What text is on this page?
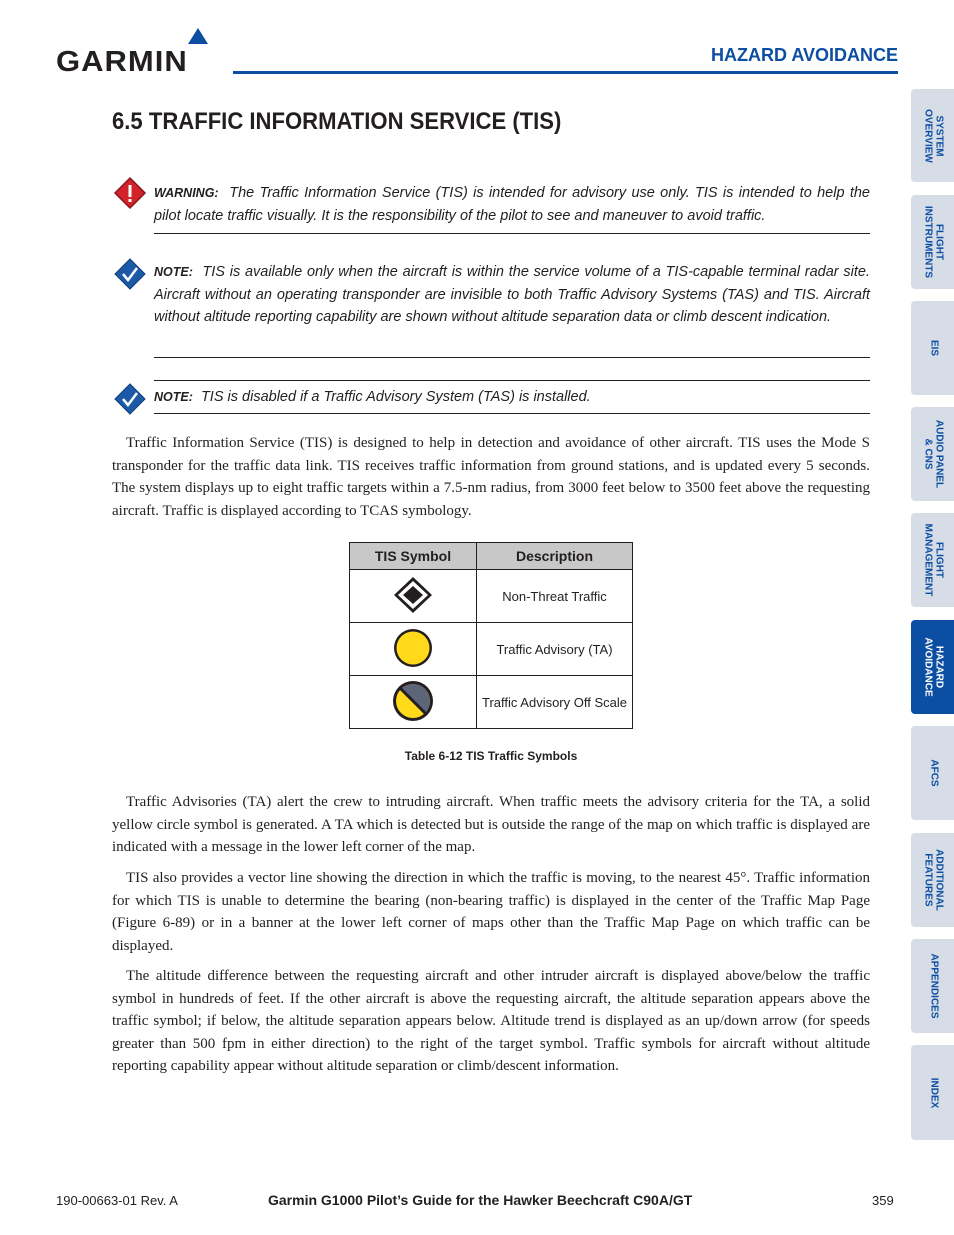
GARMIN	HAZARD AVOIDANCE
6.5 TRAFFIC INFORMATION SERVICE (TIS)
WARNING: The Traffic Information Service (TIS) is intended for advisory use only. TIS is intended to help the pilot locate traffic visually. It is the responsibility of the pilot to see and maneuver to avoid traffic.
NOTE: TIS is available only when the aircraft is within the service volume of a TIS-capable terminal radar site. Aircraft without an operating transponder are invisible to both Traffic Advisory Systems (TAS) and TIS. Aircraft without altitude reporting capability are shown without altitude separation data or climb descent indication.
NOTE: TIS is disabled if a Traffic Advisory System (TAS) is installed.
Traffic Information Service (TIS) is designed to help in detection and avoidance of other aircraft. TIS uses the Mode S transponder for the traffic data link. TIS receives traffic information from ground stations, and is updated every 5 seconds. The system displays up to eight traffic targets within a 7.5-nm radius, from 3000 feet below to 3500 feet above the requesting aircraft. Traffic is displayed according to TCAS symbology.
TIS Symbol	Description
	Non-Threat Traffic
	Traffic Advisory (TA)
	Traffic Advisory Off Scale
Table 6-12 TIS Traffic Symbols
Traffic Advisories (TA) alert the crew to intruding aircraft. When traffic meets the advisory criteria for the TA, a solid yellow circle symbol is generated. A TA which is detected but is outside the range of the map on which traffic is displayed are indicated with a message in the lower left corner of the map.
TIS also provides a vector line showing the direction in which the traffic is moving, to the nearest 45°. Traffic information for which TIS is unable to determine the bearing (non-bearing traffic) is displayed in the center of the Traffic Map Page (Figure 6-89) or in a banner at the lower left corner of maps other than the Traffic Map Page on which traffic can be displayed.
The altitude difference between the requesting aircraft and other intruder aircraft is displayed above/below the traffic symbol in hundreds of feet. If the other aircraft is above the requesting aircraft, the altitude separation appears above the traffic symbol; if below, the altitude separation appears below. Altitude trend is displayed as an up/down arrow (for speeds greater than 500 fpm in either direction) to the right of the target symbol. Traffic symbols for aircraft without altitude reporting capability appear without altitude separation or climb/descent information.
SYSTEM
OVERVIEW
FLIGHT
INSTRUMENTS
EIS
AUDIO PANEL
& CNS
FLIGHT
MANAGEMENT
HAZARD
AVOIDANCE
AFCS
ADDITIONAL
FEATURES
APPENDICES
INDEX
190-00663-01 Rev. A	Garmin G1000 Pilot’s Guide for the Hawker Beechcraft C90A/GT	359
